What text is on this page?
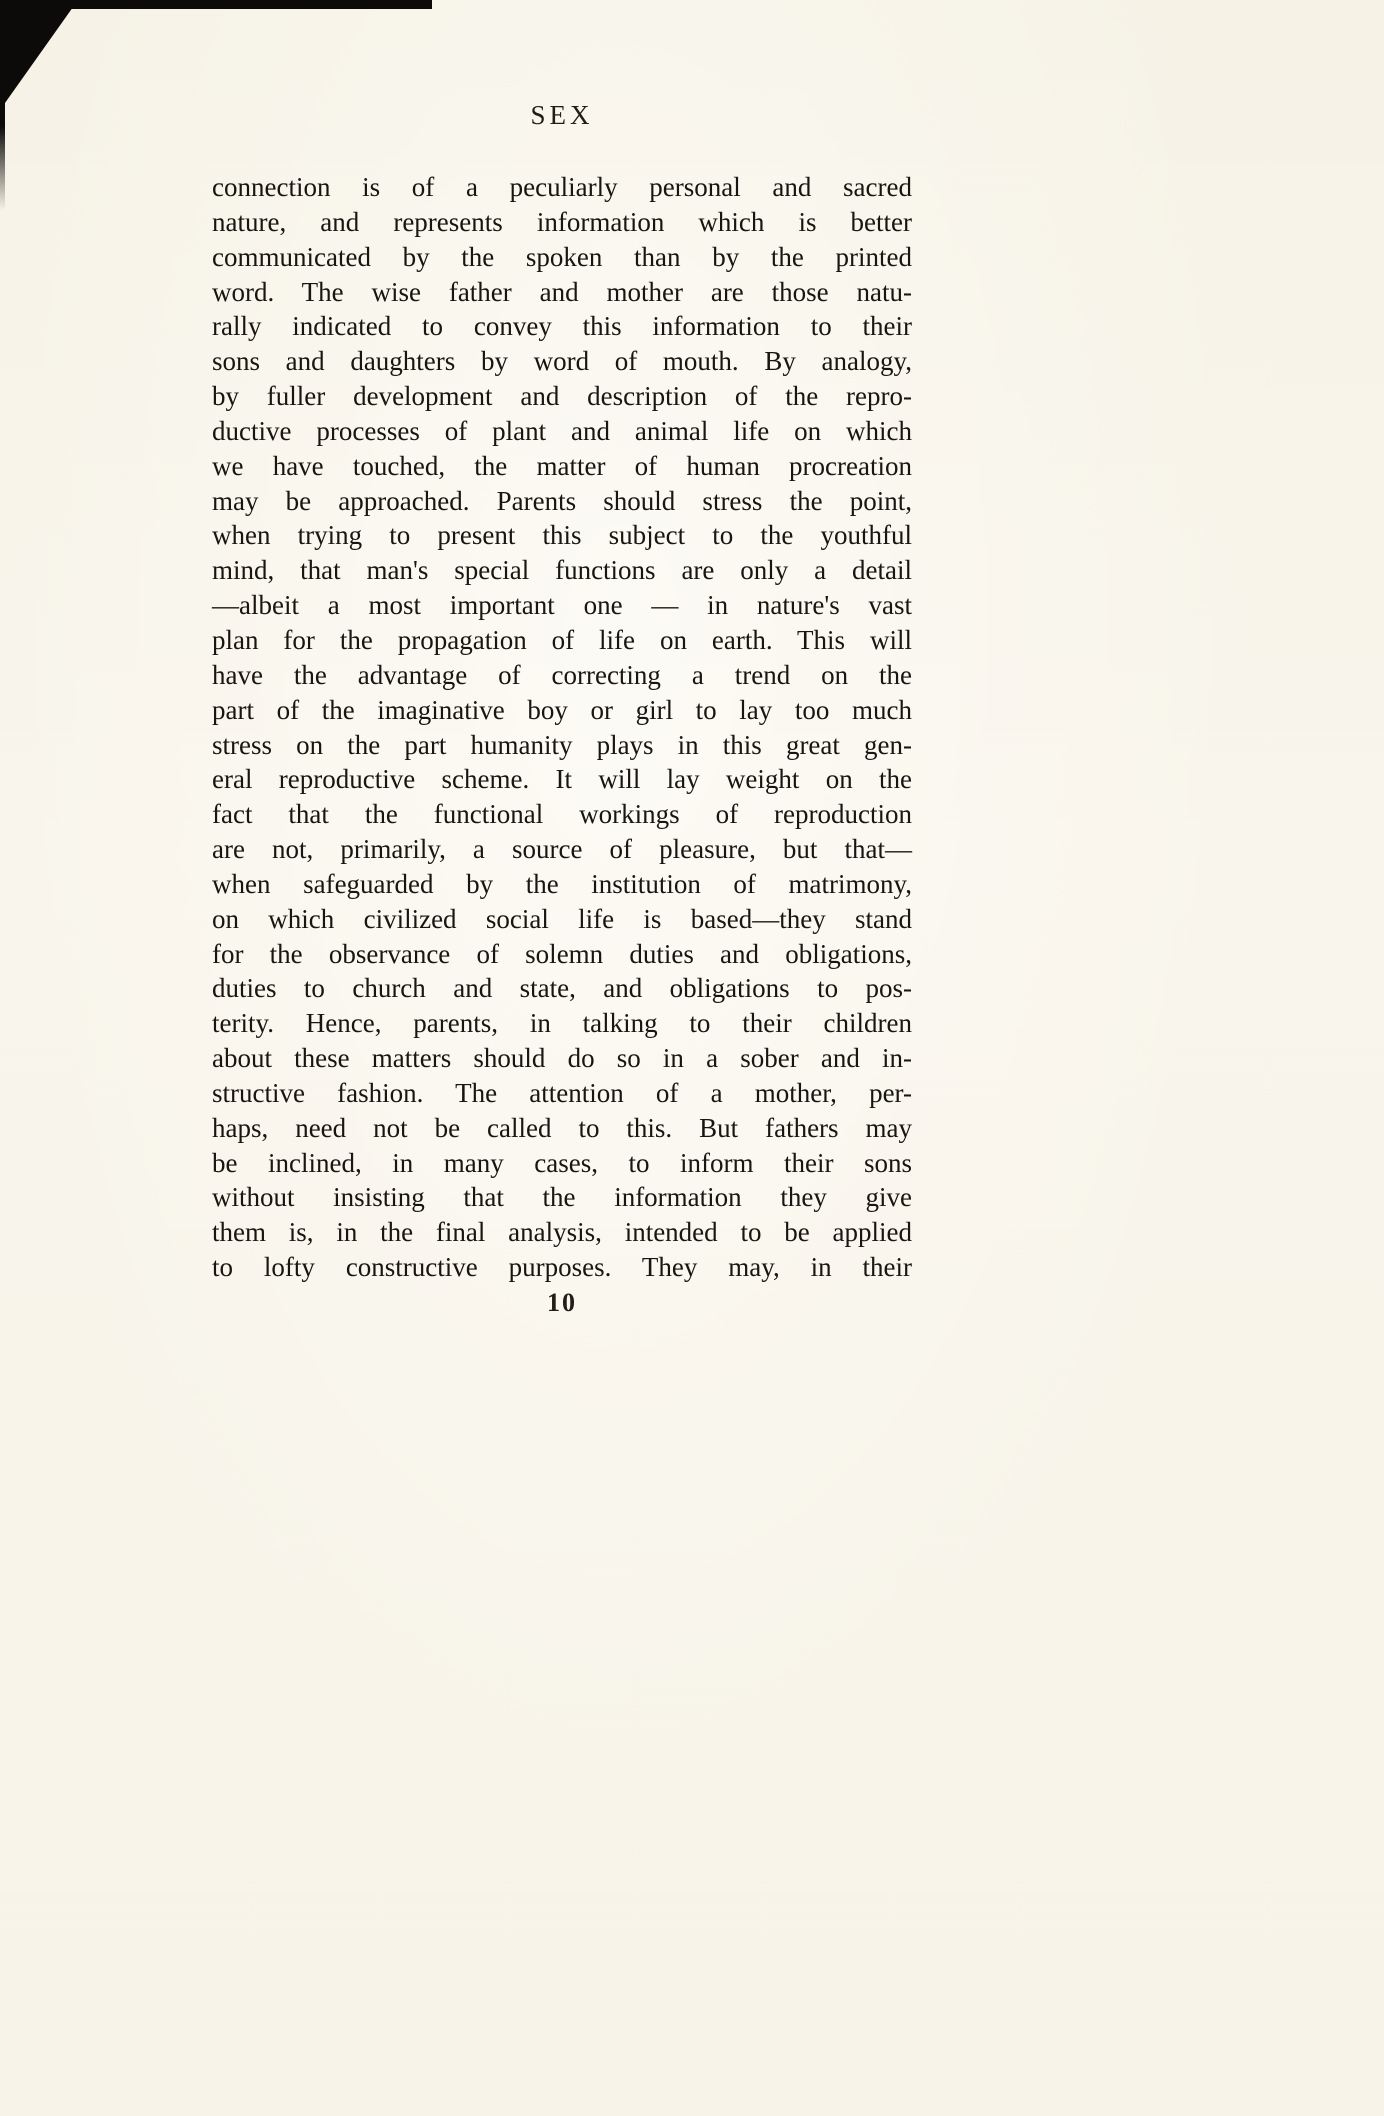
SEX
connection is of a peculiarly personal and sacred
nature, and represents information which is better
communicated by the spoken than by the printed
word. The wise father and mother are those natu-
rally indicated to convey this information to their
sons and daughters by word of mouth. By analogy,
by fuller development and description of the repro-
ductive processes of plant and animal life on which
we have touched, the matter of human procreation
may be approached. Parents should stress the point,
when trying to present this subject to the youthful
mind, that man's special functions are only a detail
—albeit a most important one — in nature's vast
plan for the propagation of life on earth. This will
have the advantage of correcting a trend on the
part of the imaginative boy or girl to lay too much
stress on the part humanity plays in this great gen-
eral reproductive scheme. It will lay weight on the
fact that the functional workings of reproduction
are not, primarily, a source of pleasure, but that—
when safeguarded by the institution of matrimony,
on which civilized social life is based—they stand
for the observance of solemn duties and obligations,
duties to church and state, and obligations to pos-
terity. Hence, parents, in talking to their children
about these matters should do so in a sober and in-
structive fashion. The attention of a mother, per-
haps, need not be called to this. But fathers may
be inclined, in many cases, to inform their sons
without insisting that the information they give
them is, in the final analysis, intended to be applied
to lofty constructive purposes. They may, in their
10
